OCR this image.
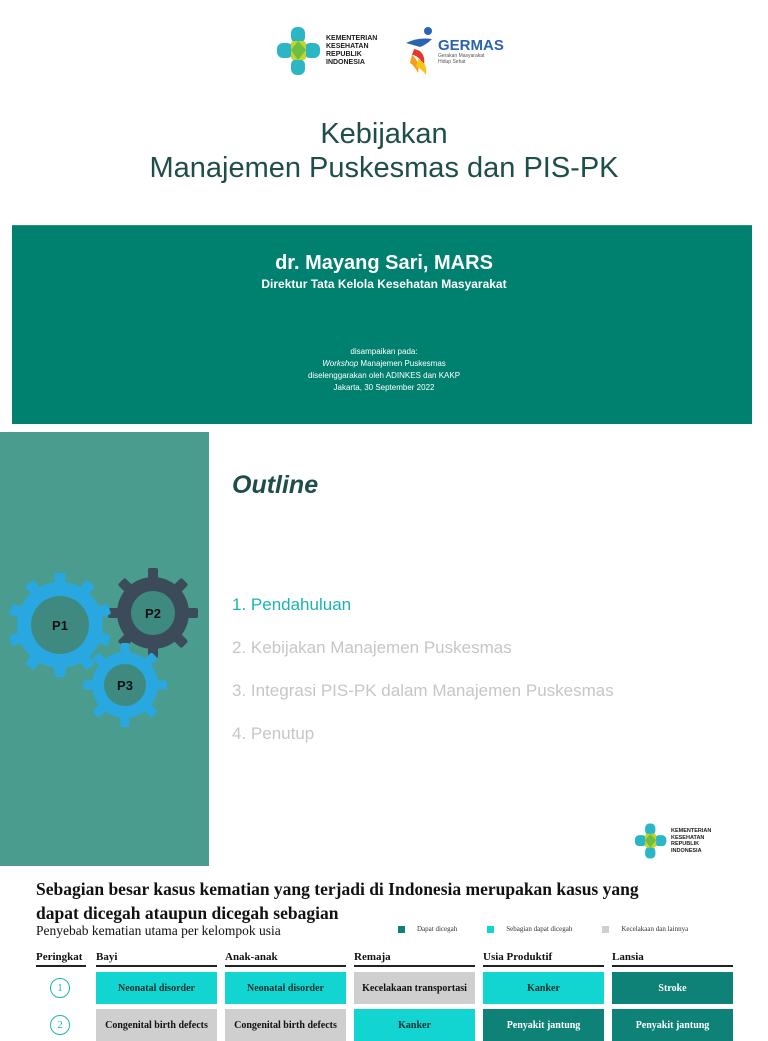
KEMENTERIAN
KESEHATAN
REPUBLIK
INDONESIA
GERMAS
Gerakan Masyarakat Hidup Sehat
Kebijakan
Manajemen Puskesmas dan PIS-PK
dr. Mayang Sari, MARS
Direktur Tata Kelola Kesehatan Masyarakat
disampaikan pada:
Workshop Manajemen Puskesmas
diselenggarakan oleh ADINKES dan KAKP
Jakarta, 30 September 2022
P1
P2
P3
Outline
1. Pendahuluan
2. Kebijakan Manajemen Puskesmas
3. Integrasi PIS-PK dalam Manajemen Puskesmas
4. Penutup
KEMENTERIAN
KESEHATAN
REPUBLIK
INDONESIA
Sebagian besar kasus kematian yang terjadi di Indonesia merupakan kasus yang
dapat dicegah ataupun dicegah sebagian
Penyebab kematian utama per kelompok usia	Dapat dicegah	Sebagian dapat dicegah	Kecelakaan dan lainnya
Peringkat Bayi	Anak-anak	Remaja	Usia Produktif	Lansia
1	Neonatal disorder	Neonatal disorder	Kecelakaan transportasi	Kanker	Stroke
2	Congenital birth defects	Congenital birth defects	Kanker	Penyakit jantung	Penyakit jantung
